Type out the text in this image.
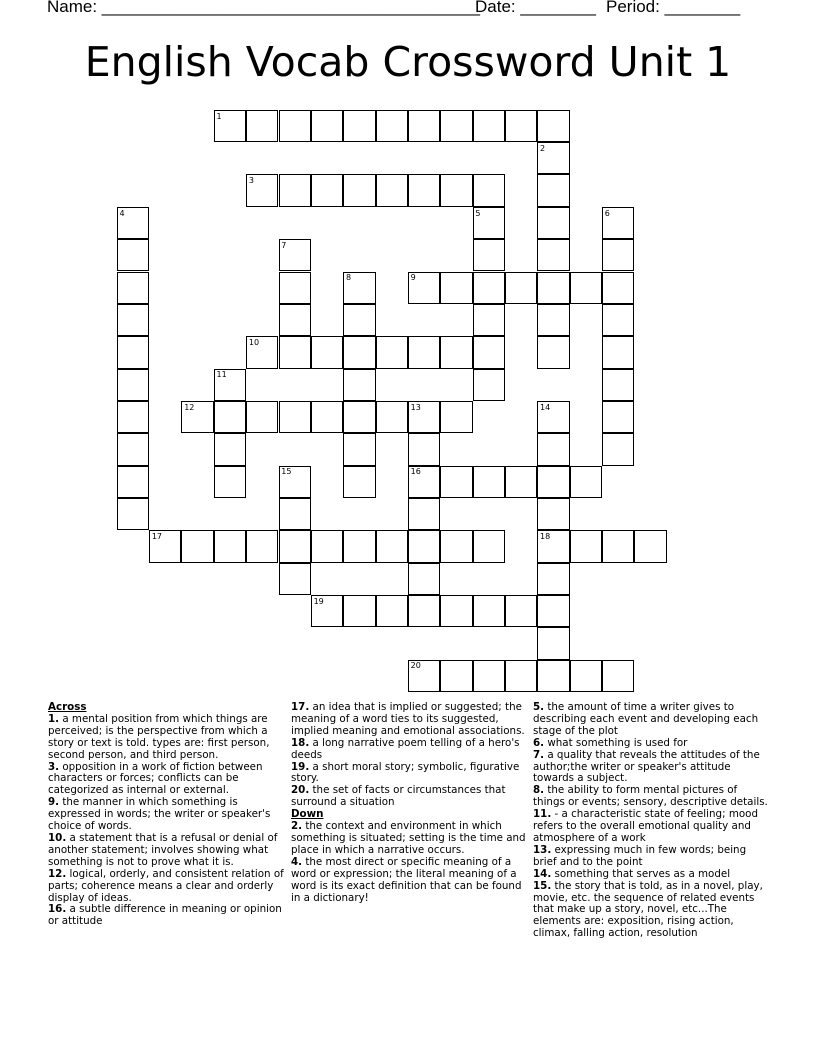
Name: ________________________________________
Date: ________ Period: ________
English Vocab Crossword Unit 1
1
2
3
4	5	6
7
8	9
10
11
12	13	14
15	16
17	18
19
20
Across
1. a mental position from which things are perceived; is the perspective from which a story or text is told. types are: first person, second person, and third person.
3. opposition in a work of fiction between characters or forces; conflicts can be categorized as internal or external.
9. the manner in which something is expressed in words; the writer or speaker's choice of words.
10. a statement that is a refusal or denial of another statement; involves showing what something is not to prove what it is.
12. logical, orderly, and consistent relation of parts; coherence means a clear and orderly display of ideas.
16. a subtle difference in meaning or opinion or attitude
17. an idea that is implied or suggested; the meaning of a word ties to its suggested, implied meaning and emotional associations.
18. a long narrative poem telling of a hero's deeds
19. a short moral story; symbolic, figurative story.
20. the set of facts or circumstances that surround a situation
Down
2. the context and environment in which something is situated; setting is the time and place in which a narrative occurs.
4. the most direct or specific meaning of a word or expression; the literal meaning of a word is its exact definition that can be found in a dictionary!
5. the amount of time a writer gives to describing each event and developing each stage of the plot
6. what something is used for
7. a quality that reveals the attitudes of the author;the writer or speaker's attitude towards a subject.
8. the ability to form mental pictures of things or events; sensory, descriptive details.
11. - a characteristic state of feeling; mood refers to the overall emotional quality and atmosphere of a work
13. expressing much in few words; being brief and to the point
14. something that serves as a model
15. the story that is told, as in a novel, play, movie, etc. the sequence of related events that make up a story, novel, etc...The elements are: exposition, rising action, climax, falling action, resolution
